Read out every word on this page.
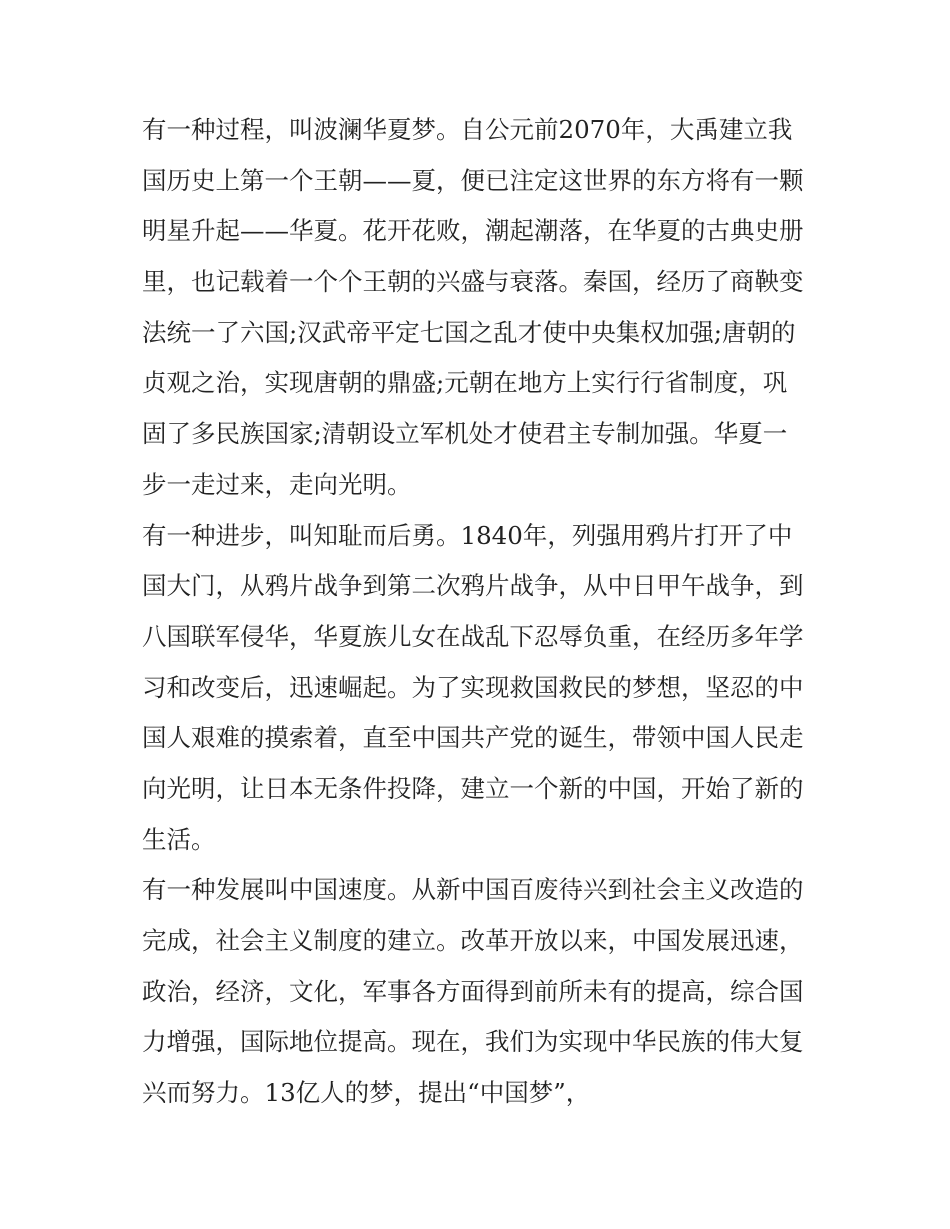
有一种过程，叫波澜华夏梦。自公元前2070年，大禹建立我
国历史上第一个王朝——夏，便已注定这世界的东方将有一颗
明星升起——华夏。花开花败，潮起潮落，在华夏的古典史册
里，也记载着一个个王朝的兴盛与衰落。秦国，经历了商鞅变
法统一了六国;汉武帝平定七国之乱才使中央集权加强;唐朝的
贞观之治，实现唐朝的鼎盛;元朝在地方上实行行省制度，巩
固了多民族国家;清朝设立军机处才使君主专制加强。华夏一
步一走过来，走向光明。
有一种进步，叫知耻而后勇。1840年，列强用鸦片打开了中
国大门，从鸦片战争到第二次鸦片战争，从中日甲午战争，到
八国联军侵华，华夏族儿女在战乱下忍辱负重，在经历多年学
习和改变后，迅速崛起。为了实现救国救民的梦想，坚忍的中
国人艰难的摸索着，直至中国共产党的诞生，带领中国人民走
向光明，让日本无条件投降，建立一个新的中国，开始了新的
生活。
有一种发展叫中国速度。从新中国百废待兴到社会主义改造的
完成，社会主义制度的建立。改革开放以来，中国发展迅速，
政治，经济，文化，军事各方面得到前所未有的提高，综合国
力增强，国际地位提高。现在，我们为实现中华民族的伟大复
兴而努力。13亿人的梦，提出“中国梦”，
